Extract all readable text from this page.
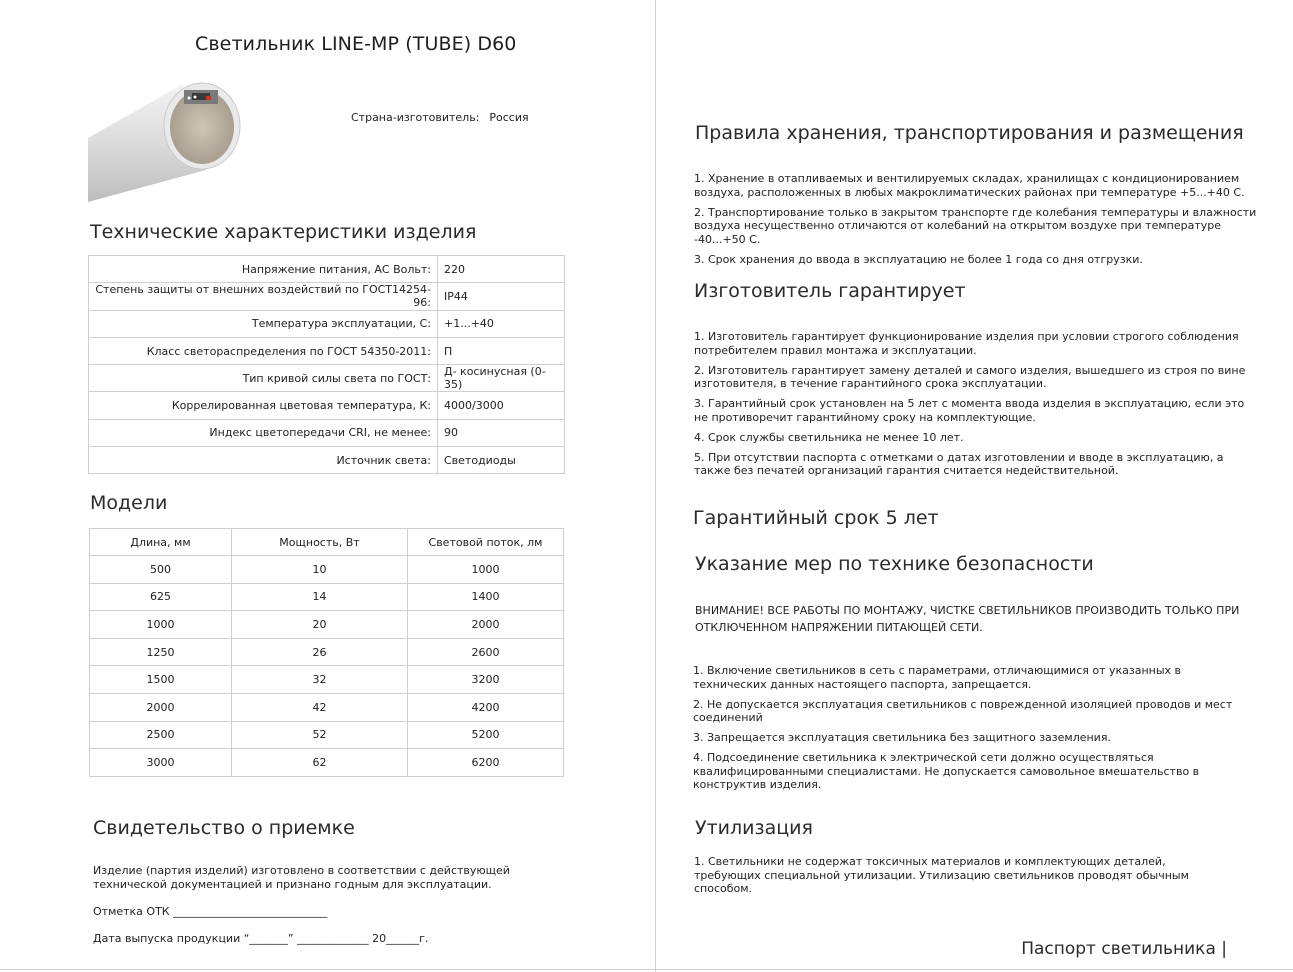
Светильник LINE-MP (TUBE) D60
Страна-изготовитель: Россия
Технические характеристики изделия
Напряжение питания, АС Вольт:	220
Степень защиты от внешних воздействий по ГОСТ14254-96:	IP44
Температура эксплуатации, С:	+1...+40
Класс светораспределения по ГОСТ 54350-2011:	П
Тип кривой силы света по ГОСТ:	Д- косинусная (0-35)
Коррелированная цветовая температура, К:	4000/3000
Индекс цветопередачи CRI, не менее:	90
Источник света:	Светодиоды
Модели
Длина, мм	Мощность, Вт	Световой поток, лм
500	10	1000
625	14	1400
1000	20	2000
1250	26	2600
1500	32	3200
2000	42	4200
2500	52	5200
3000	62	6200
Свидетельство о приемке
Изделие (партия изделий) изготовлено в соответствии с действующей технической документацией и признано годным для эксплуатации.
Отметка ОТК ____________________________
Дата выпуска продукции “_______” _____________ 20______г.
Правила хранения, транспортирования и размещения
1. Хранение в отапливаемых и вентилируемых складах, хранилищах с кондиционированием воздуха, расположенных в любых макроклиматических районах при температуре +5...+40 С.
2. Транспортирование только в закрытом транспорте где колебания температуры и влажности воздуха несущественно отличаются от колебаний на открытом воздухе при температуре -40...+50 С.
3. Срок хранения до ввода в эксплуатацию не более 1 года со дня отгрузки.
Изготовитель гарантирует
1. Изготовитель гарантирует функционирование изделия при условии строгого соблюдения потребителем правил монтажа и эксплуатации.
2. Изготовитель гарантирует замену деталей и самого изделия, вышедшего из строя по вине изготовителя, в течение гарантийного срока эксплуатации.
3. Гарантийный срок установлен на 5 лет с момента ввода изделия в эксплуатацию, если это не противоречит гарантийному сроку на комплектующие.
4. Срок службы светильника не менее 10 лет.
5. При отсутствии паспорта с отметками о датах изготовлении и вводе в эксплуатацию, а также без печатей организаций гарантия считается недействительной.
Гарантийный срок 5 лет
Указание мер по технике безопасности
ВНИМАНИЕ! ВСЕ РАБОТЫ ПО МОНТАЖУ, ЧИСТКЕ СВЕТИЛЬНИКОВ ПРОИЗВОДИТЬ ТОЛЬКО ПРИ ОТКЛЮЧЕННОМ НАПРЯЖЕНИИ ПИТАЮЩЕЙ СЕТИ.
1. Включение светильников в сеть с параметрами, отличающимися от указанных в технических данных настоящего паспорта, запрещается.
2. Не допускается эксплуатация светильников с поврежденной изоляцией проводов и мест соединений
3. Запрещается эксплуатация светильника без защитного заземления.
4. Подсоединение светильника к электрической сети должно осуществляться квалифицированными специалистами. Не допускается самовольное вмешательство в конструктив изделия.
Утилизация
1. Светильники не содержат токсичных материалов и комплектующих деталей, требующих специальной утилизации. Утилизацию светильников проводят обычным способом.
Паспорт светильника |
